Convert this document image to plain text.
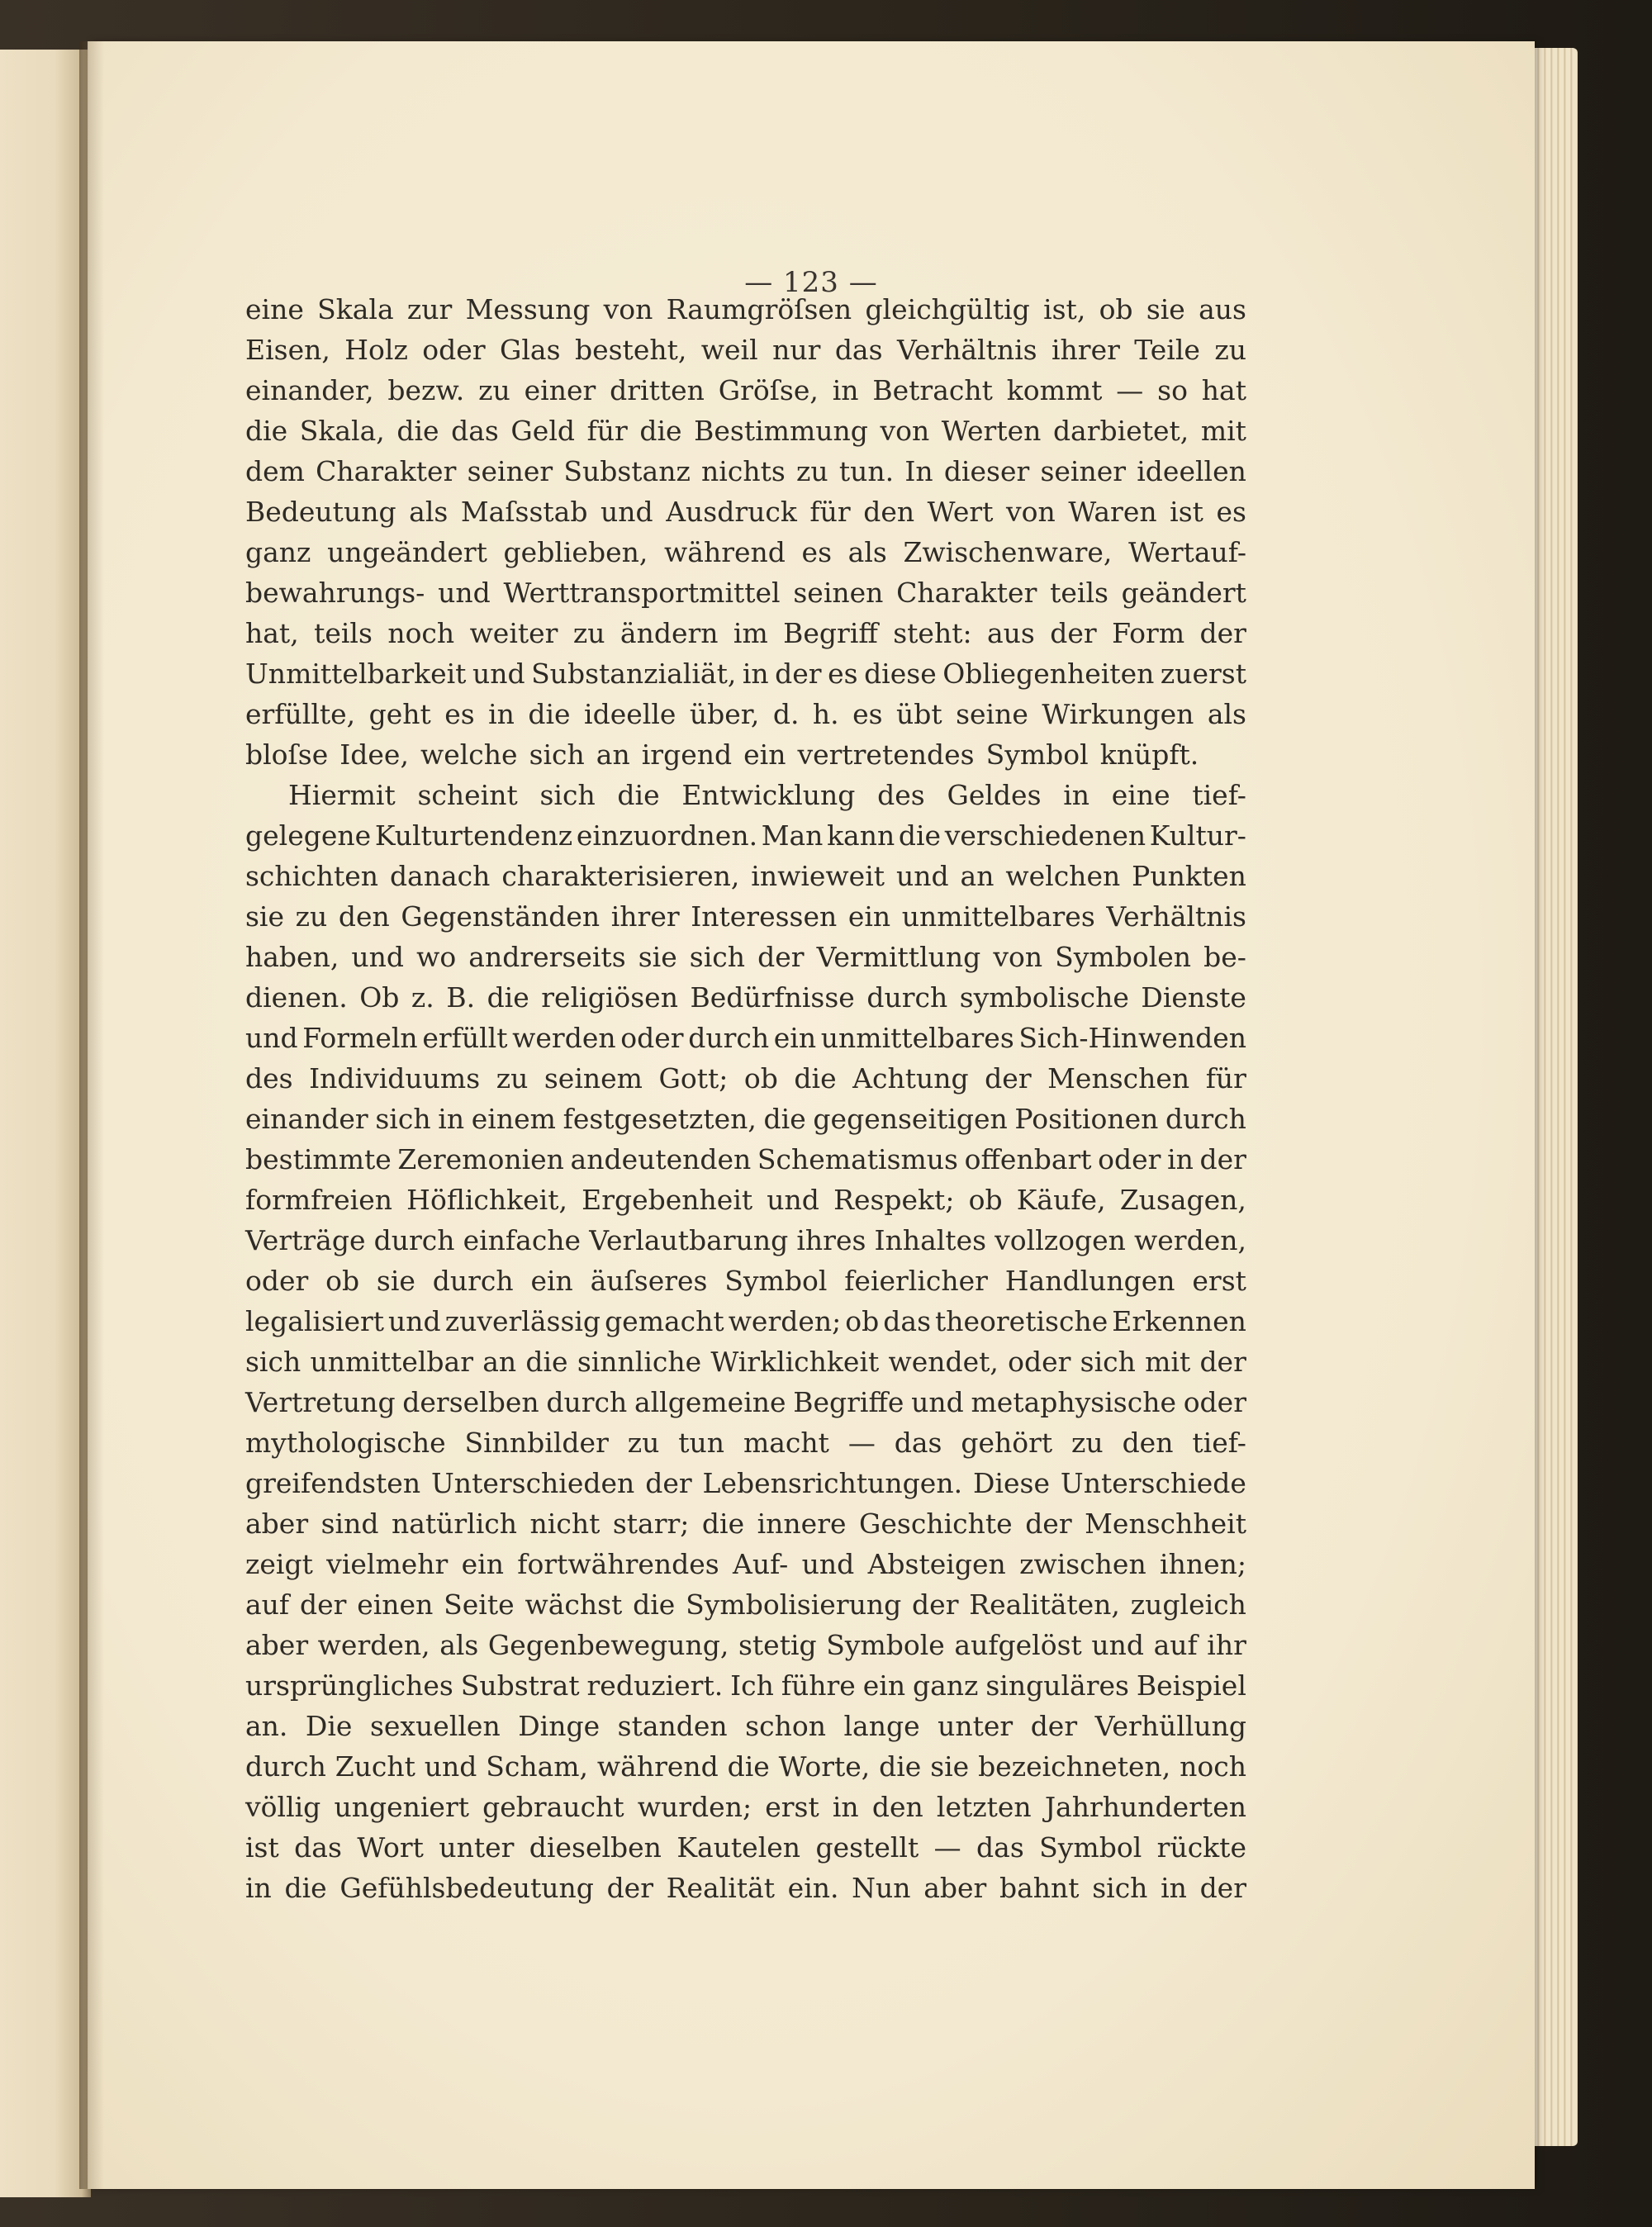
— 123 —
eine Skala zur Messung von Raumgröſsen gleichgültig ist, ob sie aus
Eisen, Holz oder Glas besteht, weil nur das Verhältnis ihrer Teile zu
einander, bezw. zu einer dritten Gröſse, in Betracht kommt — so hat
die Skala, die das Geld für die Bestimmung von Werten darbietet, mit
dem Charakter seiner Substanz nichts zu tun. In dieser seiner ideellen
Bedeutung als Maſsstab und Ausdruck für den Wert von Waren ist es
ganz ungeändert geblieben, während es als Zwischenware, Wertauf-
bewahrungs- und Werttransportmittel seinen Charakter teils geändert
hat, teils noch weiter zu ändern im Begriff steht: aus der Form der
Unmittelbarkeit und Substanzialiät, in der es diese Obliegenheiten zuerst
erfüllte, geht es in die ideelle über, d. h. es übt seine Wirkungen als
bloſse Idee, welche sich an irgend ein vertretendes Symbol knüpft.
Hiermit scheint sich die Entwicklung des Geldes in eine tief-
gelegene Kulturtendenz einzuordnen. Man kann die verschiedenen Kultur-
schichten danach charakterisieren, inwieweit und an welchen Punkten
sie zu den Gegenständen ihrer Interessen ein unmittelbares Verhältnis
haben, und wo andrerseits sie sich der Vermittlung von Symbolen be-
dienen. Ob z. B. die religiösen Bedürfnisse durch symbolische Dienste
und Formeln erfüllt werden oder durch ein unmittelbares Sich-Hinwenden
des Individuums zu seinem Gott; ob die Achtung der Menschen für
einander sich in einem festgesetzten, die gegenseitigen Positionen durch
bestimmte Zeremonien andeutenden Schematismus offenbart oder in der
formfreien Höflichkeit, Ergebenheit und Respekt; ob Käufe, Zusagen,
Verträge durch einfache Verlautbarung ihres Inhaltes vollzogen werden,
oder ob sie durch ein äuſseres Symbol feierlicher Handlungen erst
legalisiert und zuverlässig gemacht werden; ob das theoretische Erkennen
sich unmittelbar an die sinnliche Wirklichkeit wendet, oder sich mit der
Vertretung derselben durch allgemeine Begriffe und metaphysische oder
mythologische Sinnbilder zu tun macht — das gehört zu den tief-
greifendsten Unterschieden der Lebensrichtungen. Diese Unterschiede
aber sind natürlich nicht starr; die innere Geschichte der Menschheit
zeigt vielmehr ein fortwährendes Auf- und Absteigen zwischen ihnen;
auf der einen Seite wächst die Symbolisierung der Realitäten, zugleich
aber werden, als Gegenbewegung, stetig Symbole aufgelöst und auf ihr
ursprüngliches Substrat reduziert. Ich führe ein ganz singuläres Beispiel
an. Die sexuellen Dinge standen schon lange unter der Verhüllung
durch Zucht und Scham, während die Worte, die sie bezeichneten, noch
völlig ungeniert gebraucht wurden; erst in den letzten Jahrhunderten
ist das Wort unter dieselben Kautelen gestellt — das Symbol rückte
in die Gefühlsbedeutung der Realität ein. Nun aber bahnt sich in der
